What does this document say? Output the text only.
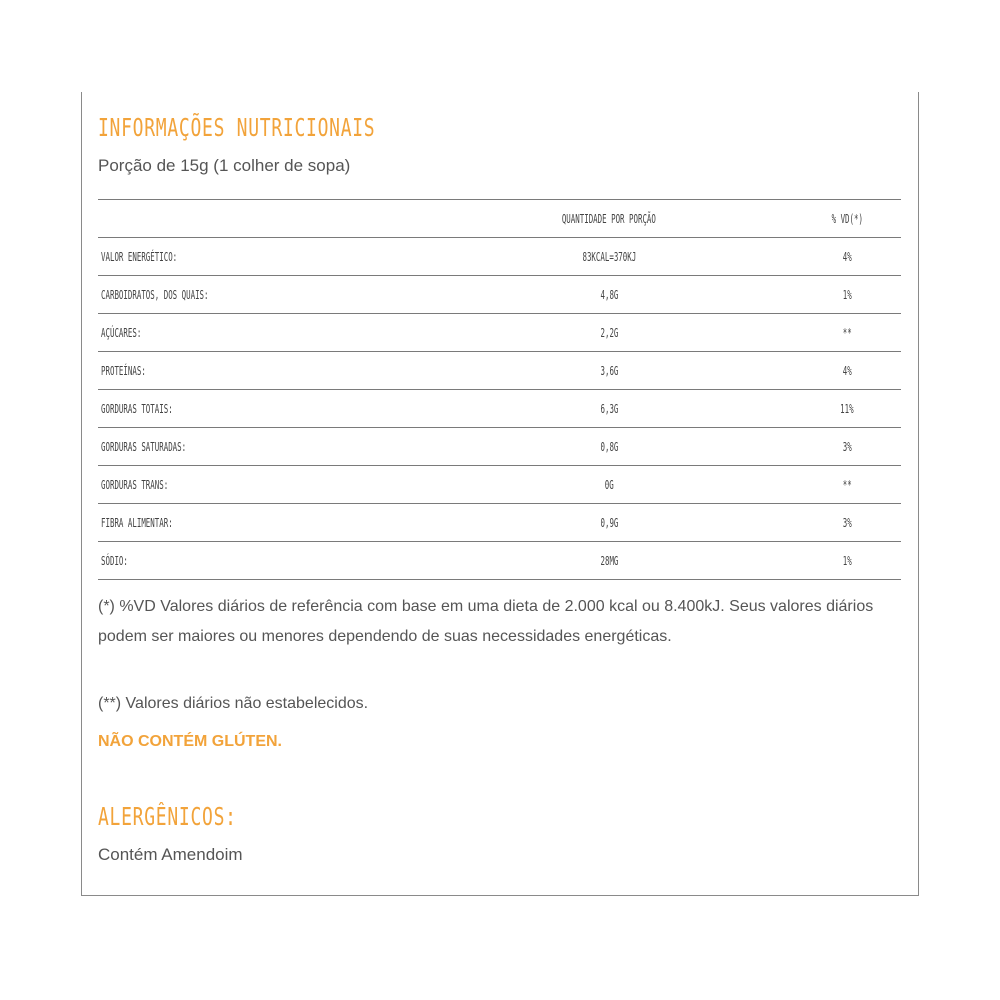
INFORMAÇÕES NUTRICIONAIS
Porção de 15g (1 colher de sopa)
	QUANTIDADE POR PORÇÃO	% VD(*)
VALOR ENERGÉTICO:	83KCAL=370KJ	4%
CARBOIDRATOS, DOS QUAIS:	4,8G	1%
AÇÚCARES:	2,2G	**
PROTEÍNAS:	3,6G	4%
GORDURAS TOTAIS:	6,3G	11%
GORDURAS SATURADAS:	0,8G	3%
GORDURAS TRANS:	0G	**
FIBRA ALIMENTAR:	0,9G	3%
SÓDIO:	28MG	1%
(*) %VD Valores diários de referência com base em uma dieta de 2.000 kcal ou 8.400kJ. Seus valores diários podem ser maiores ou menores dependendo de suas necessidades energéticas.
(**) Valores diários não estabelecidos.
NÃO CONTÉM GLÚTEN.
ALERGÊNICOS:
Contém Amendoim
